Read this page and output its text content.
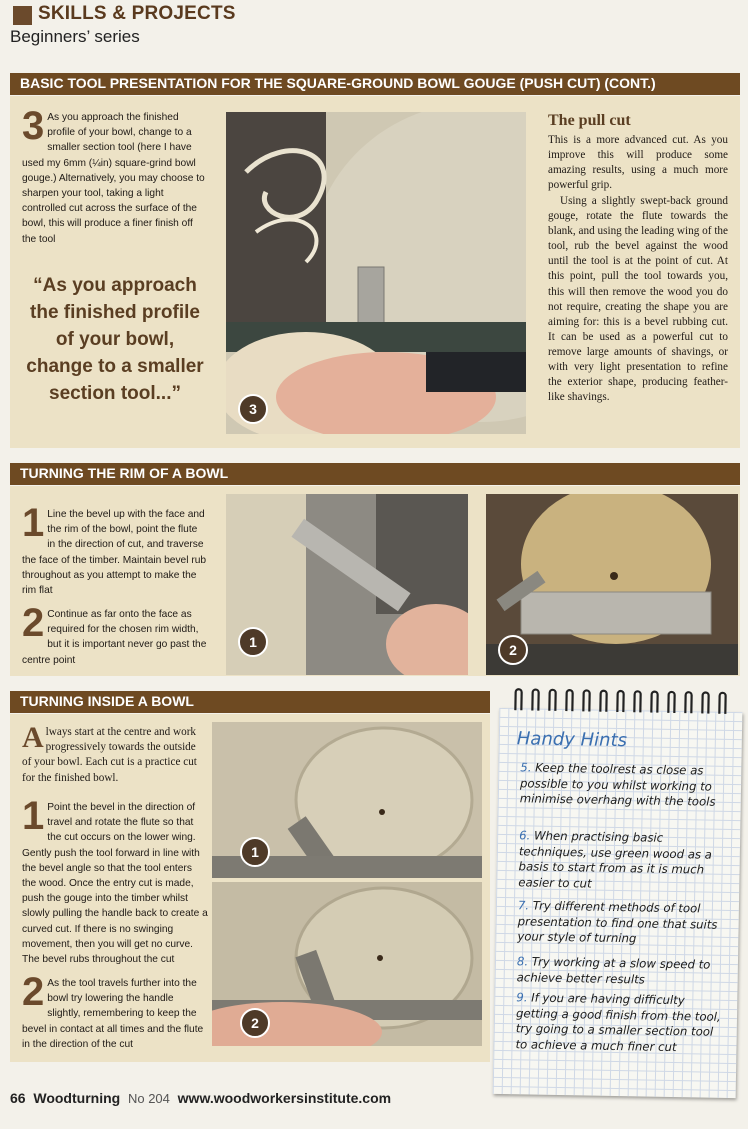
SKILLS & PROJECTS
Beginners’ series
BASIC TOOL PRESENTATION FOR THE SQUARE-GROUND BOWL GOUGE (PUSH CUT) (CONT.)
3 As you approach the finished profile of your bowl, change to a smaller section tool (here I have used my 6mm (¼in) square-grind bowl gouge.) Alternatively, you may choose to sharpen your tool, taking a light controlled cut across the surface of the bowl, this will produce a finer finish off the tool
“As you approach the finished profile of your bowl, change to a smaller section tool...”
3
The pull cut
This is a more advanced cut. As you improve this will produce some amazing results, using a much more powerful grip.
Using a slightly swept-back ground gouge, rotate the flute towards the blank, and using the leading wing of the tool, rub the bevel against the wood until the tool is at the point of cut. At this point, pull the tool towards you, this will then remove the wood you do not require, creating the shape you are aiming for: this is a bevel rubbing cut. It can be used as a powerful cut to remove large amounts of shavings, or with very light presentation to refine the exterior shape, producing feather-like shavings.
TURNING THE RIM OF A BOWL
1 Line the bevel up with the face and the rim of the bowl, point the flute in the direction of cut, and traverse the face of the timber. Maintain bevel rub throughout as you attempt to make the rim flat
2 Continue as far onto the face as required for the chosen rim width, but it is important never go past the centre point
1	2
TURNING INSIDE A BOWL
Always start at the centre and work progressively towards the outside of your bowl. Each cut is a practice cut for the finished bowl.
1 Point the bevel in the direction of travel and rotate the flute so that the cut occurs on the lower wing. Gently push the tool forward in line with the bevel angle so that the tool enters the wood. Once the entry cut is made, push the gouge into the timber whilst slowly pulling the handle back to create a curved cut. If there is no swinging movement, then you will get no curve. The bevel rubs throughout the cut
2 As the tool travels further into the bowl try lowering the handle slightly, remembering to keep the bevel in contact at all times and the flute in the direction of the cut
1
2
Handy Hints
5. Keep the toolrest as close as possible to you whilst working to minimise overhang with the tools
6. When practising basic techniques, use green wood as a basis to start from as it is much easier to cut
7. Try different methods of tool presentation to find one that suits your style of turning
8. Try working at a slow speed to achieve better results
9. If you are having difficulty getting a good finish from the tool, try going to a smaller section tool to achieve a much finer cut
66 Woodturning No 204 www.woodworkersinstitute.com
